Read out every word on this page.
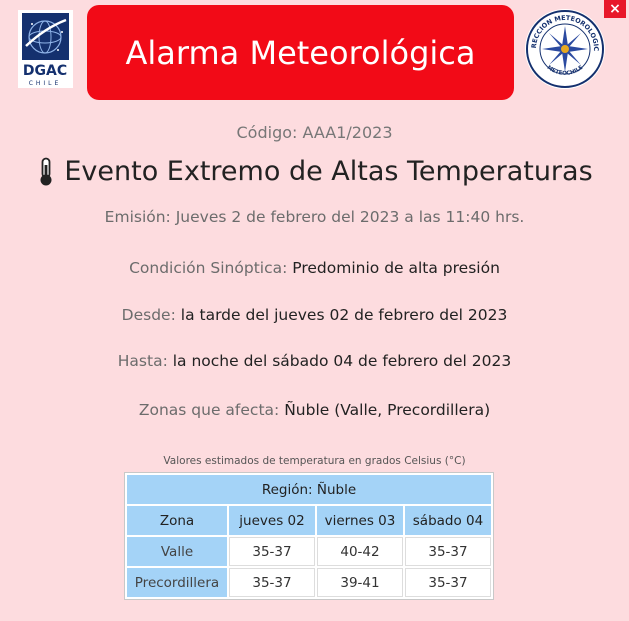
×
DGAC
CHILE
Alarma Meteorológica	RECCION METEOROLOGIC
METEOCHILE
Código: AAA1/2023
Evento Extremo de Altas Temperaturas
Emisión: Jueves 2 de febrero del 2023 a las 11:40 hrs.
Condición Sinóptica: Predominio de alta presión
Desde: la tarde del jueves 02 de febrero del 2023
Hasta: la noche del sábado 04 de febrero del 2023
Zonas que afecta: Ñuble (Valle, Precordillera)
Valores estimados de temperatura en grados Celsius (°C)
Región: Ñuble			
Zona	jueves 02	viernes 03	sábado 04
Valle	35-37	40-42	35-37
Precordillera	35-37	39-41	35-37
